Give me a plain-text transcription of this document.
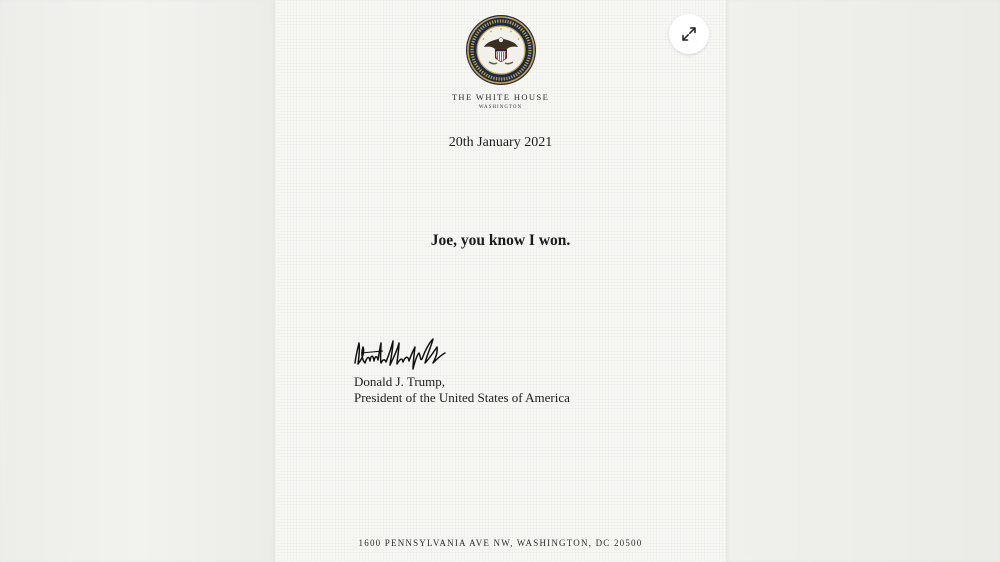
THE WHITE HOUSE
WASHINGTON
20th January 2021
Joe, you know I won.
Donald J. Trump,
President of the United States of America
1600 PENNSYLVANIA AVE NW, WASHINGTON, DC 20500
